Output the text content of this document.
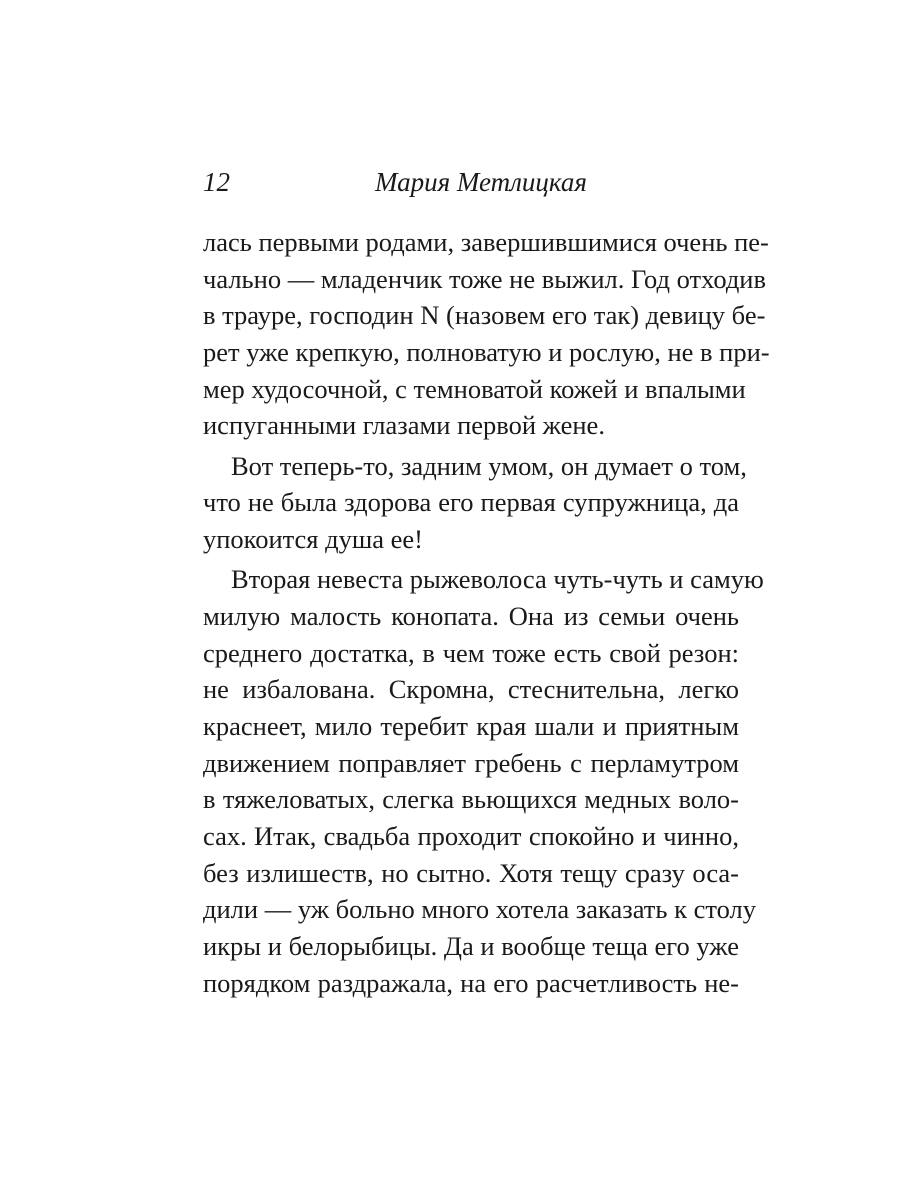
12	Мария Метлицкая
лась первыми родами, завершившимися очень пе-
чально — младенчик тоже не выжил. Год отходив
в трауре, господин N (назовем его так) девицу бе-
рет уже крепкую, полноватую и рослую, не в при-
мер худосочной, с темноватой кожей и впалыми
испуганными глазами первой жене.
Вот теперь-то, задним умом, он думает о том,
что не была здорова его первая супружница, да
упокоится душа ее!
Вторая невеста рыжеволоса чуть-чуть и самую
милую малость конопата. Она из семьи очень
среднего достатка, в чем тоже есть свой резон:
не избалована. Скромна, стеснительна, легко
краснеет, мило теребит края шали и приятным
движением поправляет гребень с перламутром
в тяжеловатых, слегка вьющихся медных воло-
сах. Итак, свадьба проходит спокойно и чинно,
без излишеств, но сытно. Хотя тещу сразу оса-
дили — уж больно много хотела заказать к столу
икры и белорыбицы. Да и вообще теща его уже
порядком раздражала, на его расчетливость не-
